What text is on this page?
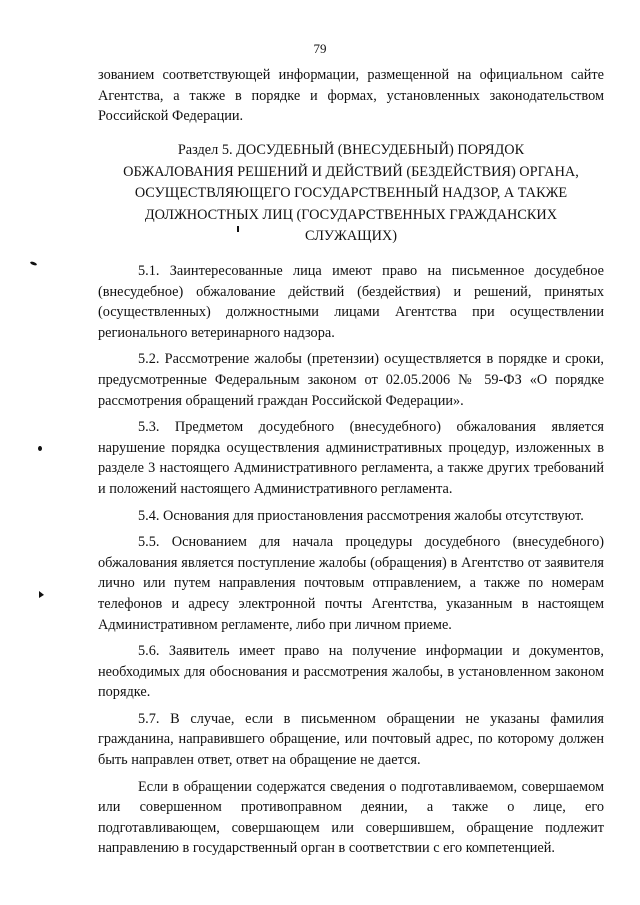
79

зованием соответствующей информации, размещенной на официальном сайте Агентства, а также в порядке и формах, установленных законодательством Российской Федерации.

Раздел 5. ДОСУДЕБНЫЙ (ВНЕСУДЕБНЫЙ) ПОРЯДОК
ОБЖАЛОВАНИЯ РЕШЕНИЙ И ДЕЙСТВИЙ (БЕЗДЕЙСТВИЯ) ОРГАНА,
ОСУЩЕСТВЛЯЮЩЕГО ГОСУДАРСТВЕННЫЙ НАДЗОР, А ТАКЖЕ
ДОЛЖНОСТНЫХ ЛИЦ (ГОСУДАРСТВЕННЫХ ГРАЖДАНСКИХ
СЛУЖАЩИХ)

5.1. Заинтересованные лица имеют право на письменное досудебное (внесудебное) обжалование действий (бездействия) и решений, принятых (осуществленных) должностными лицами Агентства при осуществлении регионального ветеринарного надзора.

5.2. Рассмотрение жалобы (претензии) осуществляется в порядке и сроки, предусмотренные Федеральным законом от 02.05.2006 № 59-ФЗ «О порядке рассмотрения обращений граждан Российской Федерации».

5.3. Предметом досудебного (внесудебного) обжалования является нарушение порядка осуществления административных процедур, изложенных в разделе 3 настоящего Административного регламента, а также других требований и положений настоящего Административного регламента.

5.4. Основания для приостановления рассмотрения жалобы отсутствуют.

5.5. Основанием для начала процедуры досудебного (внесудебного) обжалования является поступление жалобы (обращения) в Агентство от заявителя лично или путем направления почтовым отправлением, а также по номерам телефонов и адресу электронной почты Агентства, указанным в настоящем Административном регламенте, либо при личном приеме.

5.6. Заявитель имеет право на получение информации и документов, необходимых для обоснования и рассмотрения жалобы, в установленном законом порядке.

5.7. В случае, если в письменном обращении не указаны фамилия гражданина, направившего обращение, или почтовый адрес, по которому должен быть направлен ответ, ответ на обращение не дается.

Если в обращении содержатся сведения о подготавливаемом, совершаемом или совершенном противоправном деянии, а также о лице, его подготавливающем, совершающем или совершившем, обращение подлежит направлению в государственный орган в соответствии с его компетенцией.
